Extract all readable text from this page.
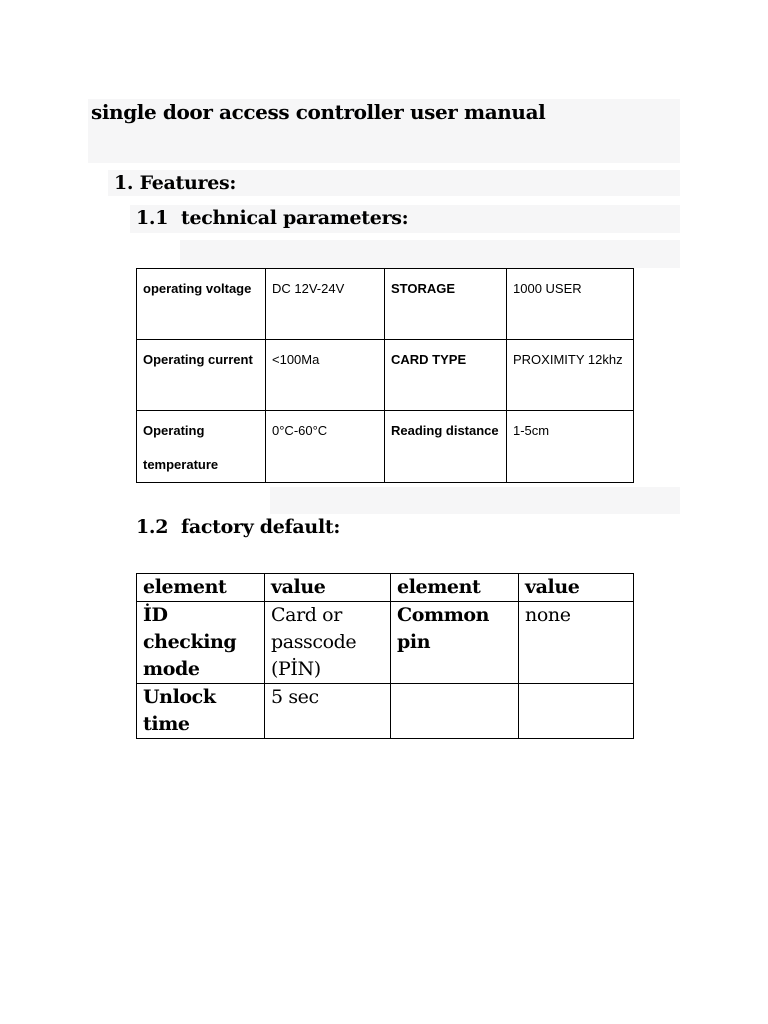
single door access controller user manual
1. Features:
1.1 technical parameters:
operating voltage	DC 12V-24V	STORAGE	1000 USER
Operating current	<100Ma	CARD TYPE	PROXIMITY 12khz
Operating temperature	0°C-60°C	Reading distance	1-5cm
1.2 factory default:
element	value	element	value
İD checking mode	Card or passcode (PİN)	Common pin	none
Unlock time	5 sec		
